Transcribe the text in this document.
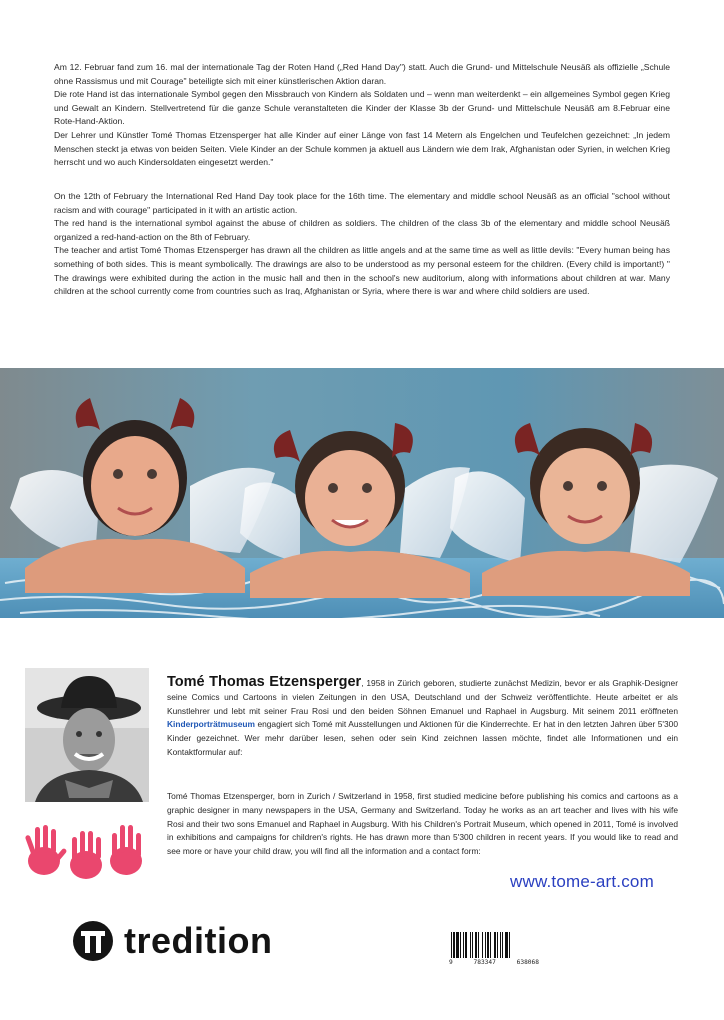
Am 12. Februar fand zum 16. mal der internationale Tag der Roten Hand („Red Hand Day") statt. Auch die Grund- und Mittelschule Neusäß als offizielle „Schule ohne Rassismus und mit Courage" beteiligte sich mit einer künstlerischen Aktion daran.

Die rote Hand ist das internationale Symbol gegen den Missbrauch von Kindern als Soldaten und – wenn man weiterdenkt – ein allgemeines Symbol gegen Krieg und Gewalt an Kindern. Stellvertretend für die ganze Schule veranstalteten die Kinder der Klasse 3b der Grund- und Mittelschule Neusäß am 8.Februar eine Rote-Hand-Aktion.

Der Lehrer und Künstler Tomé Thomas Etzensperger hat alle Kinder auf einer Länge von fast 14 Metern als Engelchen und Teufelchen gezeichnet: „In jedem Menschen steckt ja etwas von beiden Seiten. Viele Kinder an der Schule kommen ja aktuell aus Ländern wie dem Irak, Afghanistan oder Syrien, in welchen Krieg herrscht und wo auch Kindersoldaten eingesetzt werden."

On the 12th of February the International Red Hand Day took place for the 16th time. The elementary and middle school Neusäß as an official "school without racism and with courage" participated in it with an artistic action.

The red hand is the international symbol against the abuse of children as soldiers. The children of the class 3b of the elementary and middle school Neusäß organized a red-hand-action on the 8th of February.

The teacher and artist Tomé Thomas Etzensperger has drawn all the children as little angels and at the same time as well as little devils: "Every human being has something of both sides. This is meant symbolically. The drawings are also to be understood as my personal esteem for the children. (Every child is important!) " The drawings were exhibited during the action in the music hall and then in the school's new auditorium, along with informations about children at war. Many children at the school currently come from countries such as Iraq, Afghanistan or Syria, where there is war and where child soldiers are used.

Tomé Thomas Etzensperger, 1958 in Zürich geboren, studierte zunächst Medizin, bevor er als Graphik-Designer seine Comics und Cartoons in vielen Zeitungen in den USA, Deutschland und der Schweiz veröffentlichte. Heute arbeitet er als Kunstlehrer und lebt mit seiner Frau Rosi und den beiden Söhnen Emanuel und Raphael in Augsburg. Mit seinem 2011 eröffneten Kinderporträtmuseum engagiert sich Tomé mit Ausstellungen und Aktionen für die Kinderrechte. Er hat in den letzten Jahren über 5'300 Kinder gezeichnet. Wer mehr darüber lesen, sehen oder sein Kind zeichnen lassen möchte, findet alle Informationen und ein Kontaktformular auf:
Tomé Thomas Etzensperger, born in Zurich / Switzerland in 1958, first studied medicine before publishing his comics and cartoons as a graphic designer in many newspapers in the USA, Germany and Switzerland. Today he works as an art teacher and lives with his wife Rosi and their two sons Emanuel and Raphael in Augsburg. With his Children's Portrait Museum, which opened in 2011, Tomé is involved in exhibitions and campaigns for children's rights. He has drawn more than 5'300 children in recent years. If you would like to read and see more or have your child draw, you will find all the information and a contact form:
www.tome-art.com
tredition
9	783347	638068
